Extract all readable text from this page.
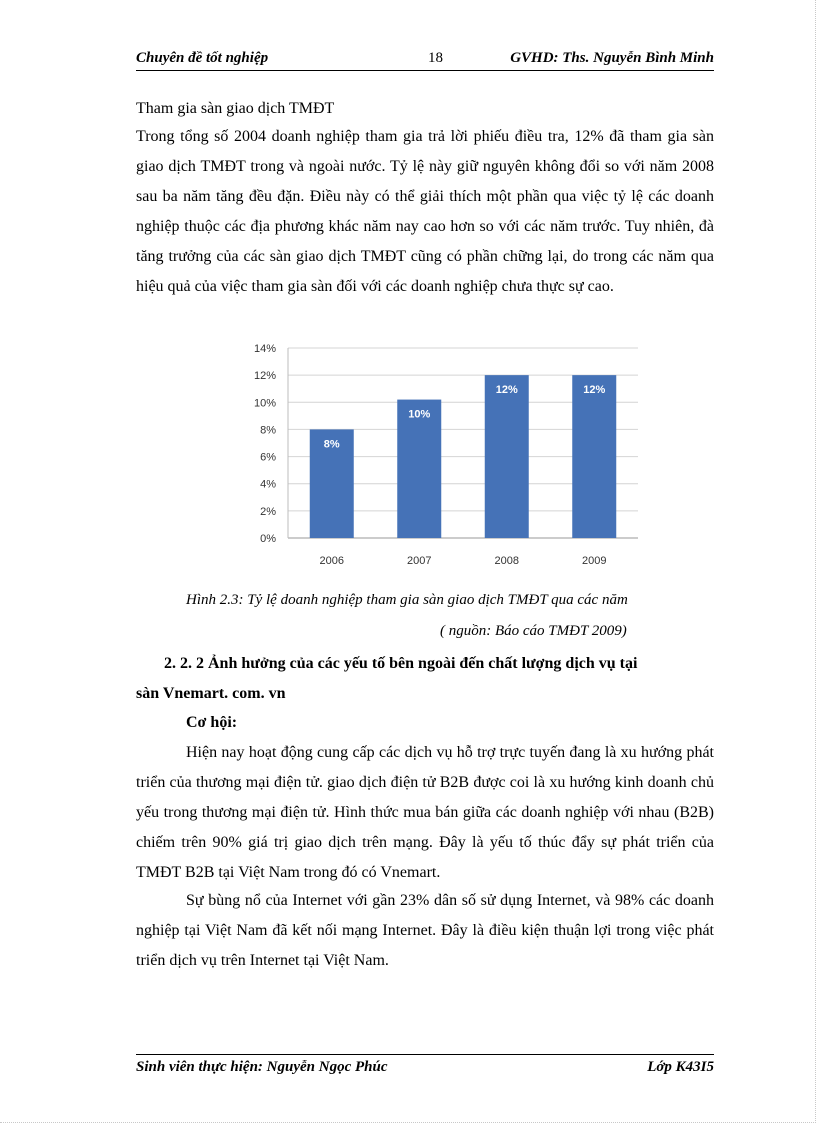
Chuyên đề tốt nghiệp	18	GVHD: Ths. Nguyễn Bình Minh
Tham gia sàn giao dịch TMĐT
Trong tổng số 2004 doanh nghiệp tham gia trả lời phiếu điều tra, 12% đã tham gia sàn giao dịch TMĐT trong và ngoài nước. Tỷ lệ này giữ nguyên không đổi so với năm 2008 sau ba năm tăng đều đặn. Điều này có thể giải thích một phần qua việc tỷ lệ các doanh nghiệp thuộc các địa phương khác năm nay cao hơn so với các năm trước. Tuy nhiên, đà tăng trưởng của các sàn giao dịch TMĐT cũng có phần chững lại, do trong các năm qua hiệu quả của việc tham gia sàn đối với các doanh nghiệp chưa thực sự cao.
0%
2%
4%
6%
8%
10%
12%
14%
8%
10%
12%	12%
2006	2007	2008	2009
Hình 2.3: Tỷ lệ doanh nghiệp tham gia sàn giao dịch TMĐT qua các năm
( nguồn: Báo cáo TMĐT 2009)
2. 2. 2 Ảnh hưởng của các yếu tố bên ngoài đến chất lượng dịch vụ tại
sàn Vnemart. com. vn
Cơ hội:
Hiện nay hoạt động cung cấp các dịch vụ hỗ trợ trực tuyến đang là xu hướng phát triển của thương mại điện tử. giao dịch điện tử B2B được coi là xu hướng kinh doanh chủ yếu trong thương mại điện tử. Hình thức mua bán giữa các doanh nghiệp với nhau (B2B) chiếm trên 90% giá trị giao dịch trên mạng. Đây là yếu tố thúc đẩy sự phát triển của TMĐT B2B tại Việt Nam trong đó có Vnemart.
Sự bùng nổ của Internet với gần 23% dân số sử dụng Internet, và 98% các doanh nghiệp tại Việt Nam đã kết nối mạng Internet. Đây là điều kiện thuận lợi trong việc phát triển dịch vụ trên Internet tại Việt Nam.
Sinh viên thực hiện: Nguyễn Ngọc Phúc	Lớp K43I5
